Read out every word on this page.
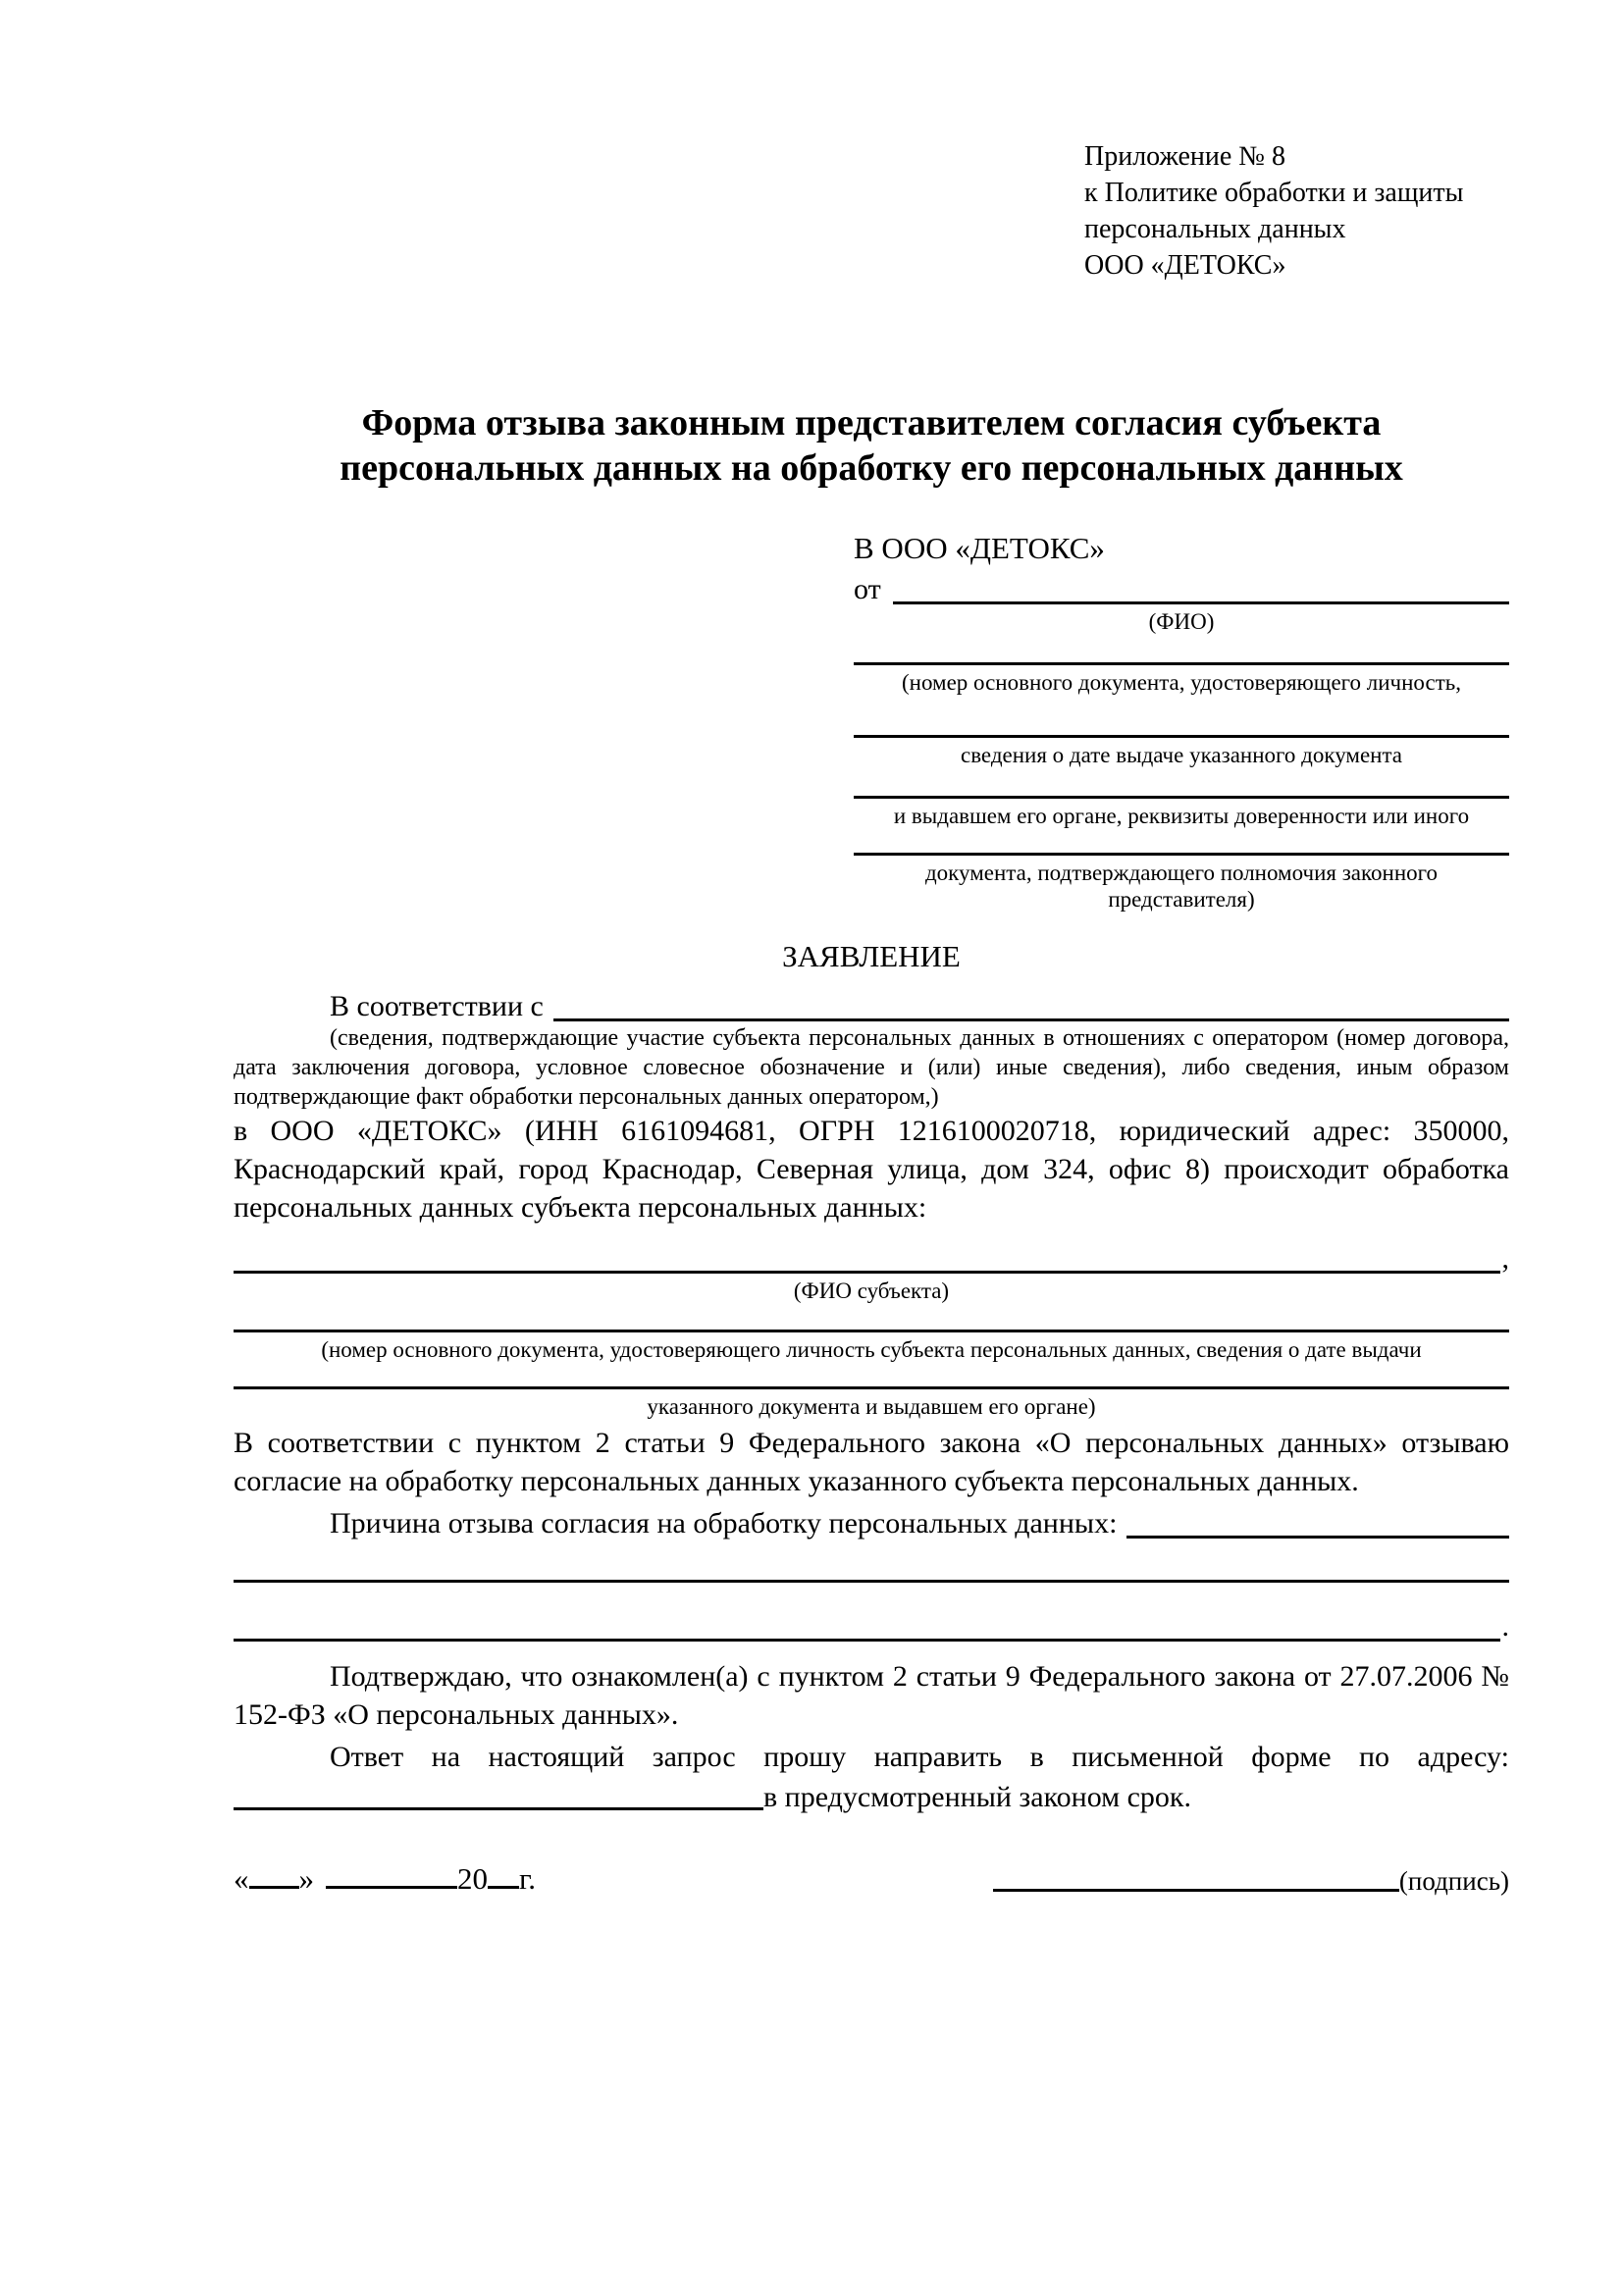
Приложение № 8
к Политике обработки и защиты
персональных данных
ООО «ДЕТОКС»
Форма отзыва законным представителем согласия субъекта
персональных данных на обработку его персональных данных
В ООО «ДЕТОКС»
от
(ФИО)
(номер основного документа, удостоверяющего личность,
сведения о дате выдаче указанного документа
и выдавшем его органе, реквизиты доверенности или иного
документа, подтверждающего полномочия законного представителя)
ЗАЯВЛЕНИЕ
В соответствии с
(сведения, подтверждающие участие субъекта персональных данных в отношениях с оператором (номер договора, дата заключения договора, условное словесное обозначение и (или) иные сведения), либо сведения, иным образом подтверждающие факт обработки персональных данных оператором,)

в ООО «ДЕТОКС» (ИНН 6161094681, ОГРН 1216100020718, юридический адрес: 350000, Краснодарский край, город Краснодар, Северная улица, дом 324, офис 8) происходит обработка персональных данных субъекта персональных данных:

,
(ФИО субъекта)
(номер основного документа, удостоверяющего личность субъекта персональных данных, сведения о дате выдачи
указанного документа и выдавшем его органе)

В соответствии с пунктом 2 статьи 9 Федерального закона «О персональных данных» отзываю согласие на обработку персональных данных указанного субъекта персональных данных.

Причина отзыва согласия на обработку персональных данных:
.

Подтверждаю, что ознакомлен(а) с пунктом 2 статьи 9 Федерального закона от 27.07.2006 № 152-ФЗ «О персональных данных».

Ответ на настоящий запрос прошу направить в письменной форме по адресу:
в предусмотренный законом срок.
« »	20 г.	(подпись)
